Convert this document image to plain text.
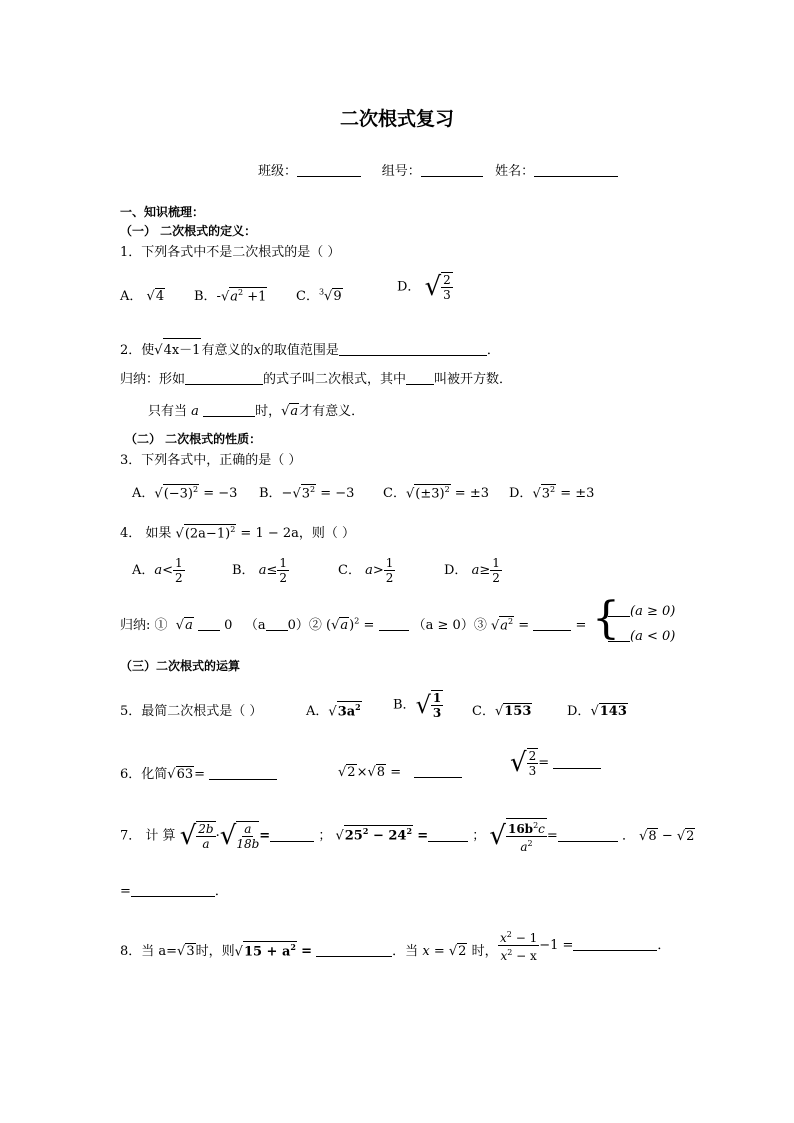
二次根式复习
班级：	组号：	姓名：
一、知识梳理：
（一） 二次根式的定义：
1．下列各式中不是二次根式的是（ ）
A． √4 B．$-√a^2 +1$ C．$^3$√9
D． √ $\frac{2}{3}$
2．使√4x－1有意义的x的取值范围是	．
归纳：形如	的式子叫二次根式，其中 叫被开方数．
只有当 a	时，√a才有意义．
（二） 二次根式的性质：
3．下列各式中，正确的是（ ）
A．$√(-3)^2 = -3$ B．$-√3^2 = -3$ C．$√(\pm 3)^2 = \pm 3$ D．$√3^2 = \pm 3$
4． 如果 $√(2a-1)^2 = 1 - 2a$，则（ ）
A．$a< \frac{1}{2}$	B． $a\le \frac{1}{2}$	C． $a> \frac{1}{2}$	D． $a\ge \frac{1}{2}$
归纳: ① √a 0 （a 0）② $(√a)^2$ =	（a ≥ 0）③ $√a^2$ =	= { (a ≥ 0)
(a < 0)
（三）二次根式的运算
5．最简二次根式是（ ）	A．$√3a^2$ B．√ $\frac{1}{3}$ C．√153	D．√143
6．化简√63=	√2×√8 =	√ $\frac{2}{3}$ =
7． 计 算 √ $\frac{2b}{a}$ ·√ $\frac{a}{18b}$ =	； $√25^2 - 24^2$ =	； √ $\frac{16b^2c}{a^2}$ =	． √8 − √2
=	．
8．当 a=√3时，则$√15 + a^2$ =	．当 x = √2 时， $\frac{x^2 - 1}{x^2 - x} -1$ =	．
